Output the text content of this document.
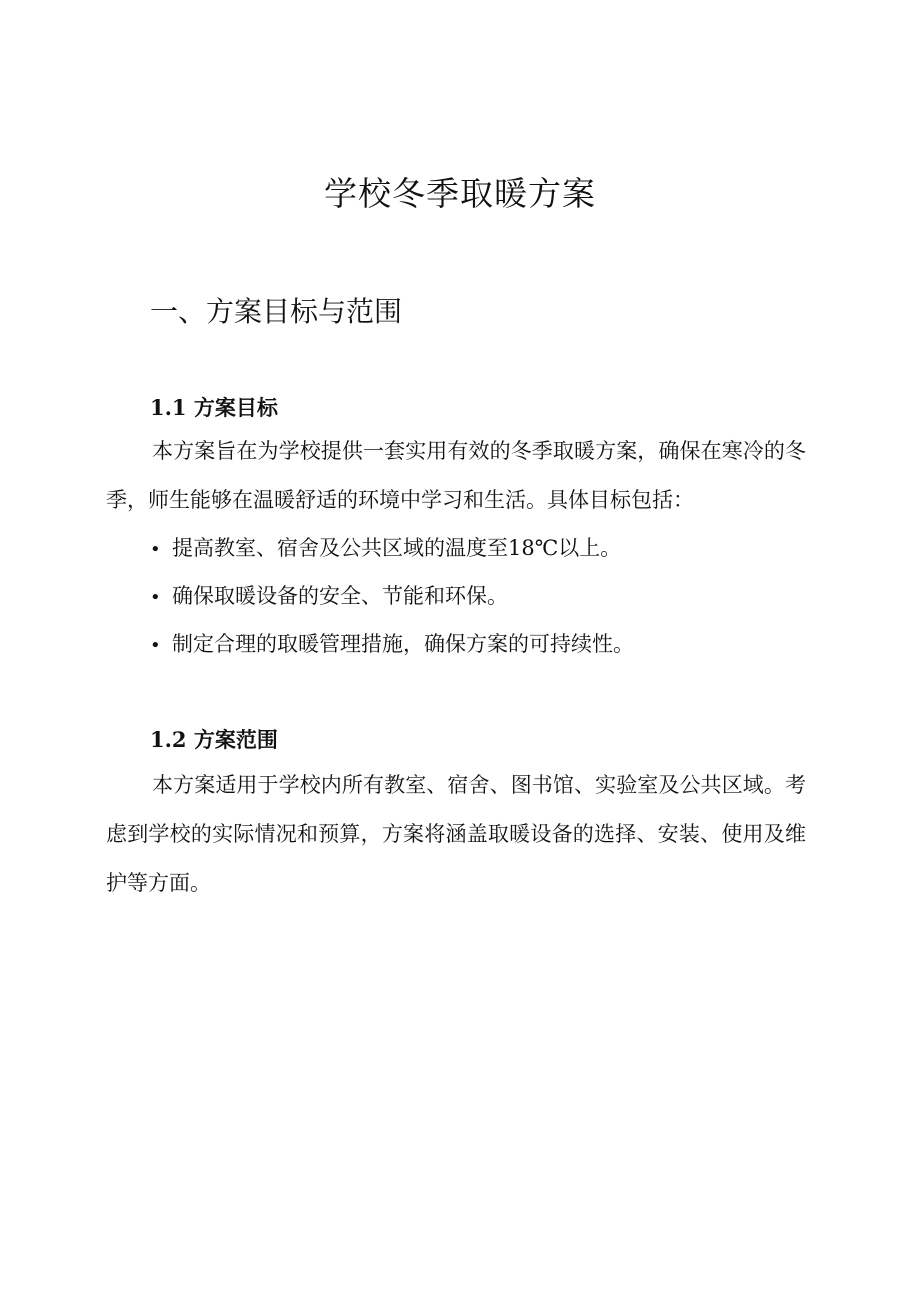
学校冬季取暖方案
一、方案目标与范围
1.1 方案目标

本方案旨在为学校提供一套实用有效的冬季取暖方案，确保在寒冷的冬季，师生能够在温暖舒适的环境中学习和生活。具体目标包括：

• 提高教室、宿舍及公共区域的温度至18℃以上。
• 确保取暖设备的安全、节能和环保。
• 制定合理的取暖管理措施，确保方案的可持续性。
1.2 方案范围

本方案适用于学校内所有教室、宿舍、图书馆、实验室及公共区域。考虑到学校的实际情况和预算，方案将涵盖取暖设备的选择、安装、使用及维护等方面。
